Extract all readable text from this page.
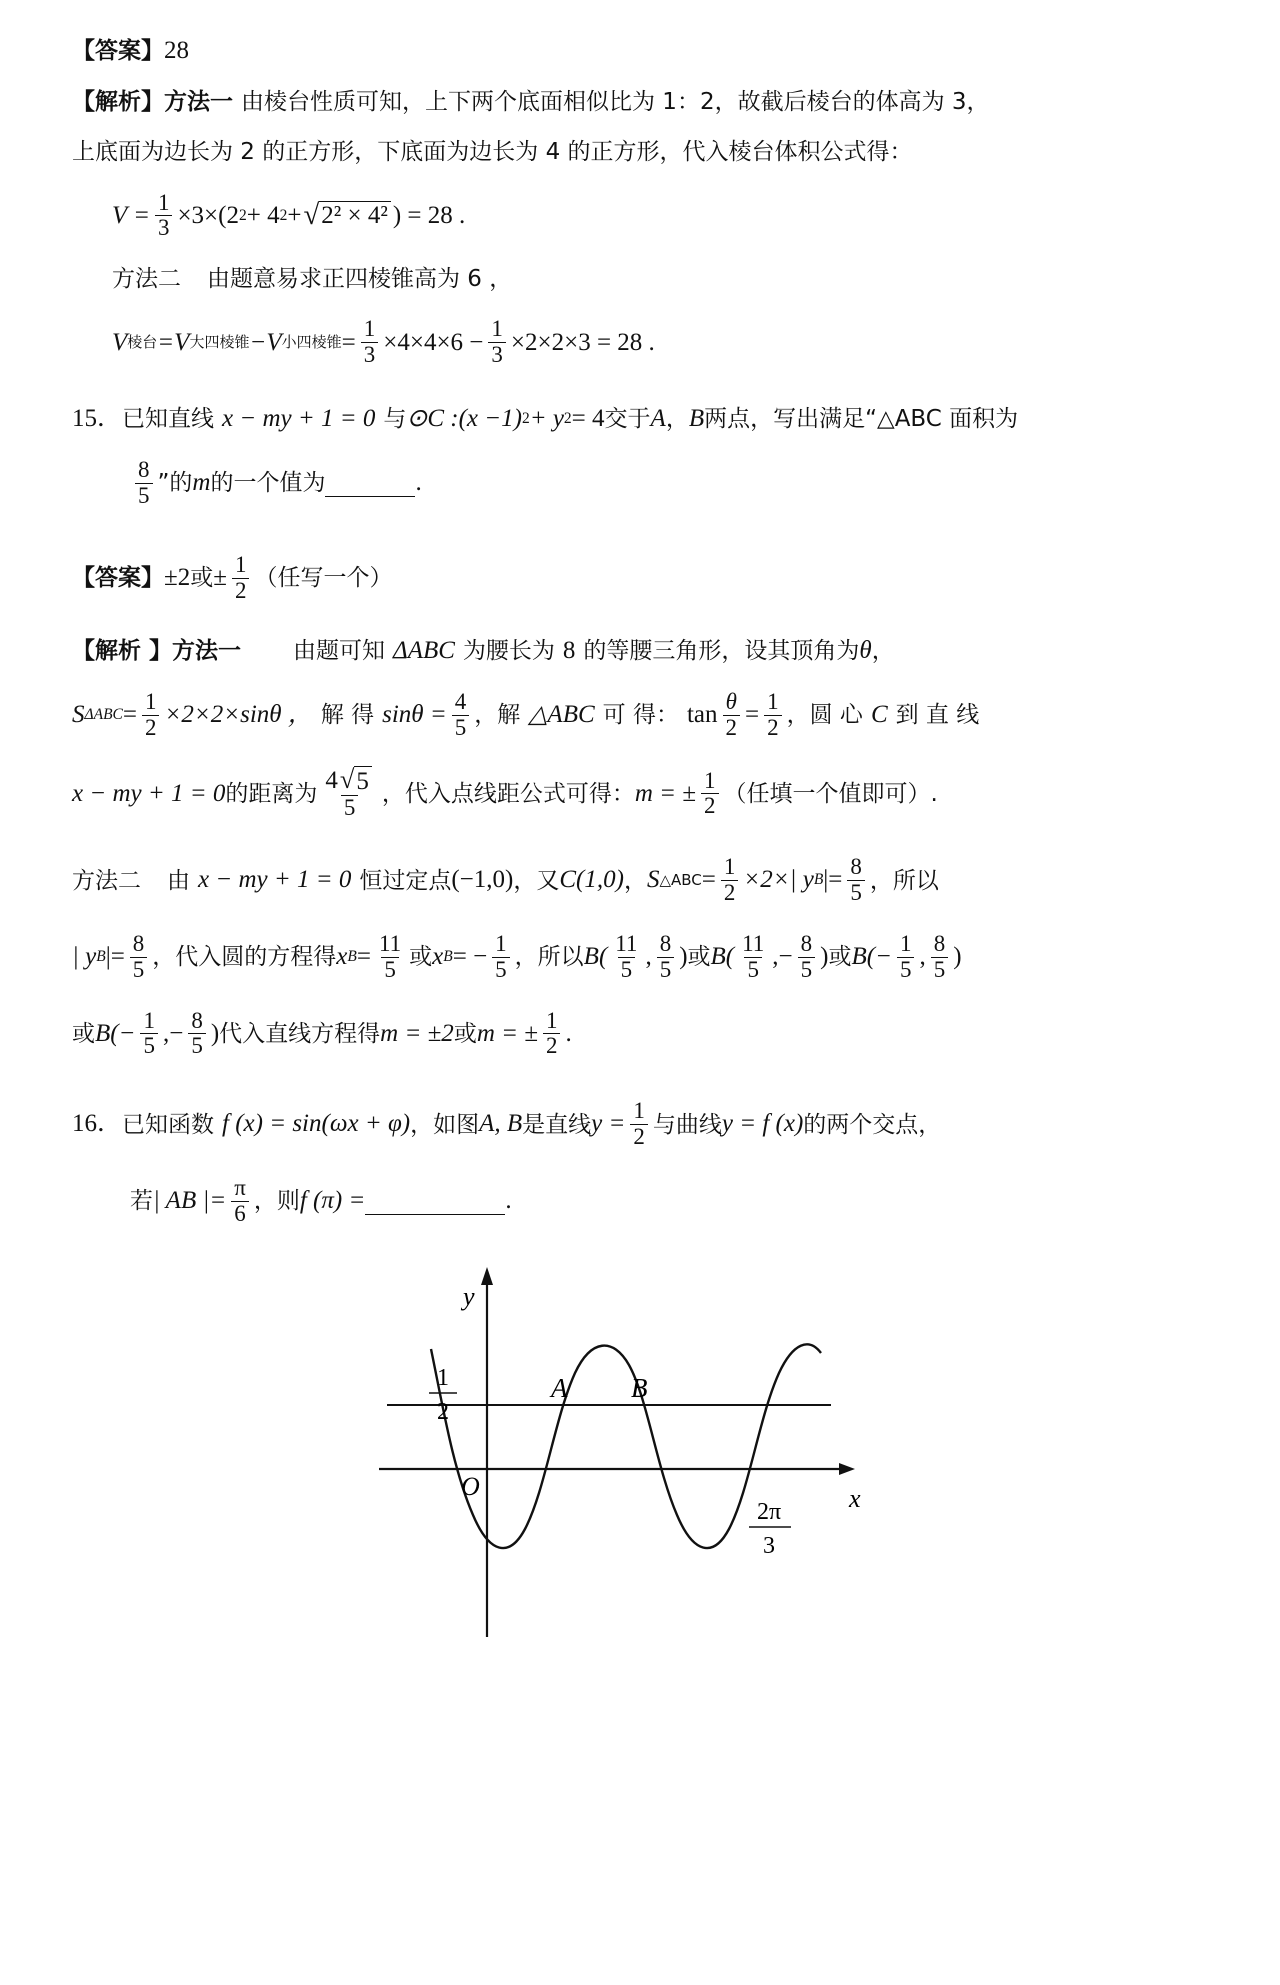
【答案】 28
【解析】 方法一 由棱台性质可知，上下两个底面相似比为 1：2，故截后棱台的体高为 3，
上底面为边长为 2 的正方形，下底面为边长为 4 的正方形，代入棱台体积公式得：
$V = \frac{1}{3} \times 3\times(2$ 2 + 4 2 + √ 2² × 4² ) = 28 .
方法二 由题意易求正四棱锥高为 6 ，
V 棱台 =V 大四棱锥 −V 小四棱锥 = $\frac{1}{3} \times 4\times 4\times 6 - \frac{1}{3} \times 2\times 2\times 3 = 28$ .
15． 已知直线 x − my + 1 = 0 与 ⊙C : (x −1) 2 + y 2 = 4 交于 A ， B 两点，写出满足“△ABC 面积为
$\frac{8}{5}$ ”的 m 的一个值为	.
【答案】 ±2 或 ± $\frac{1}{2}$ （任写一个）
【解析 】 方法一 由题可知 ΔABC 为腰长为 8 的等腰三角形，设其顶角为 θ ，
S $\Delta ABC = \frac{1}{2} \times 2\times 2\times\sin\theta$ ， 解 得 $\sin\theta = \frac{4}{5}$ ， 解 △ABC 可 得： $\tan \frac{\theta}{2} = \frac{1}{2}$ ， 圆 心 C 到 直 线
x − my + 1 = 0 的距离为 $\frac{4 √ 5}{5}$ ， 代入点线距公式可得： m = ± $\frac{1}{2}$ （任填一个值即可）.
方法二 由 x − my + 1 = 0 恒过定点 (−1,0) ， 又 C(1,0) ， S △ABC = $\frac{1}{2} \times 2\times|$ y B |= $\frac{8}{5}$ ， 所以
| y B |= $\frac{8}{5}$ ， 代入圆的方程得 x $B = \frac{11}{5}$ 或 x B = − $\frac{1}{5}$ ， 所以 $B( \frac{11}{5}$ , $\frac{8}{5}$ ) 或 $B( \frac{11}{5}$ ,− $\frac{8}{5}$ ) 或 $B(- \frac{1}{5}$ , $\frac{8}{5}$ )
或 $B(- \frac{1}{5}$ ,− $\frac{8}{5}$ ) 代入直线方程得 m = ±2 或 m = ± $\frac{1}{2}$ .
16． 已知函数 f (x) = sin(ωx + φ) ， 如图 A, B 是直线 $y = \frac{1}{2}$ 与曲线 y = f (x) 的两个交点，
若 | AB |= $\frac{\pi}{6}$ ， 则 f (π) =	.
y
x
O
1
2
A B
2π
3
